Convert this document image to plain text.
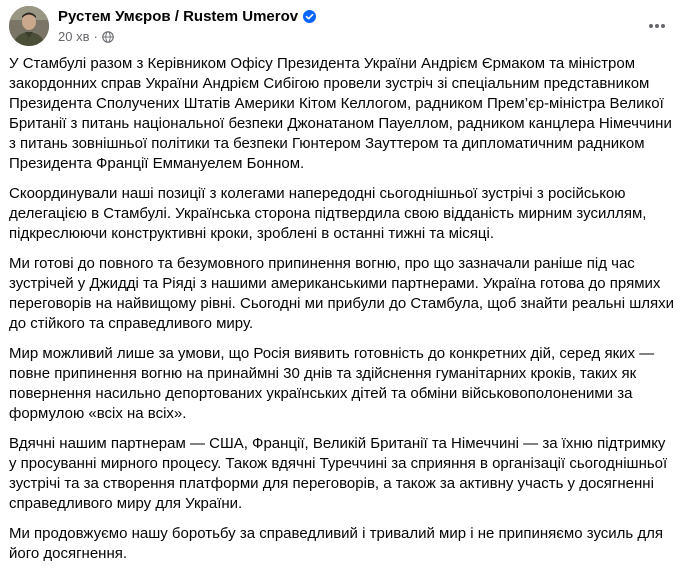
Рустем Умєров / Rustem Umerov
20 хв ·

У Стамбулі разом з Керівником Офісу Президента України Андрієм Єрмаком та міністром закордонних справ України Андрієм Сибігою провели зустріч зі спеціальним представником Президента Сполучених Штатів Америки Кітом Келлогом, радником Прем’єр-міністра Великої Британії з питань національної безпеки Джонатаном Пауеллом, радником канцлера Німеччини з питань зовнішньої політики та безпеки Гюнтером Зауттером та дипломатичним радником Президента Франції Еммануелем Бонном.

Скоординували наші позиції з колегами напередодні сьогоднішньої зустрічі з російською делегацією в Стамбулі. Українська сторона підтвердила свою відданість мирним зусиллям, підкреслюючи конструктивні кроки, зроблені в останні тижні та місяці.

Ми готові до повного та безумовного припинення вогню, про що зазначали раніше під час зустрічей у Джидді та Ріяді з нашими американськими партнерами. Україна готова до прямих переговорів на найвищому рівні. Сьогодні ми прибули до Стамбула, щоб знайти реальні шляхи до стійкого та справедливого миру.

Мир можливий лише за умови, що Росія виявить готовність до конкретних дій, серед яких — повне припинення вогню на принаймні 30 днів та здійснення гуманітарних кроків, таких як повернення насильно депортованих українських дітей та обміни військовополоненими за формулою «всіх на всіх».

Вдячні нашим партнерам — США, Франції, Великій Британії та Німеччині — за їхню підтримку у просуванні мирного процесу. Також вдячні Туреччині за сприяння в організації сьогоднішньої зустрічі та за створення платформи для переговорів, а також за активну участь у досягненні справедливого миру для України.

Ми продовжуємо нашу боротьбу за справедливий і тривалий мир і не припиняємо зусиль для його досягнення.
